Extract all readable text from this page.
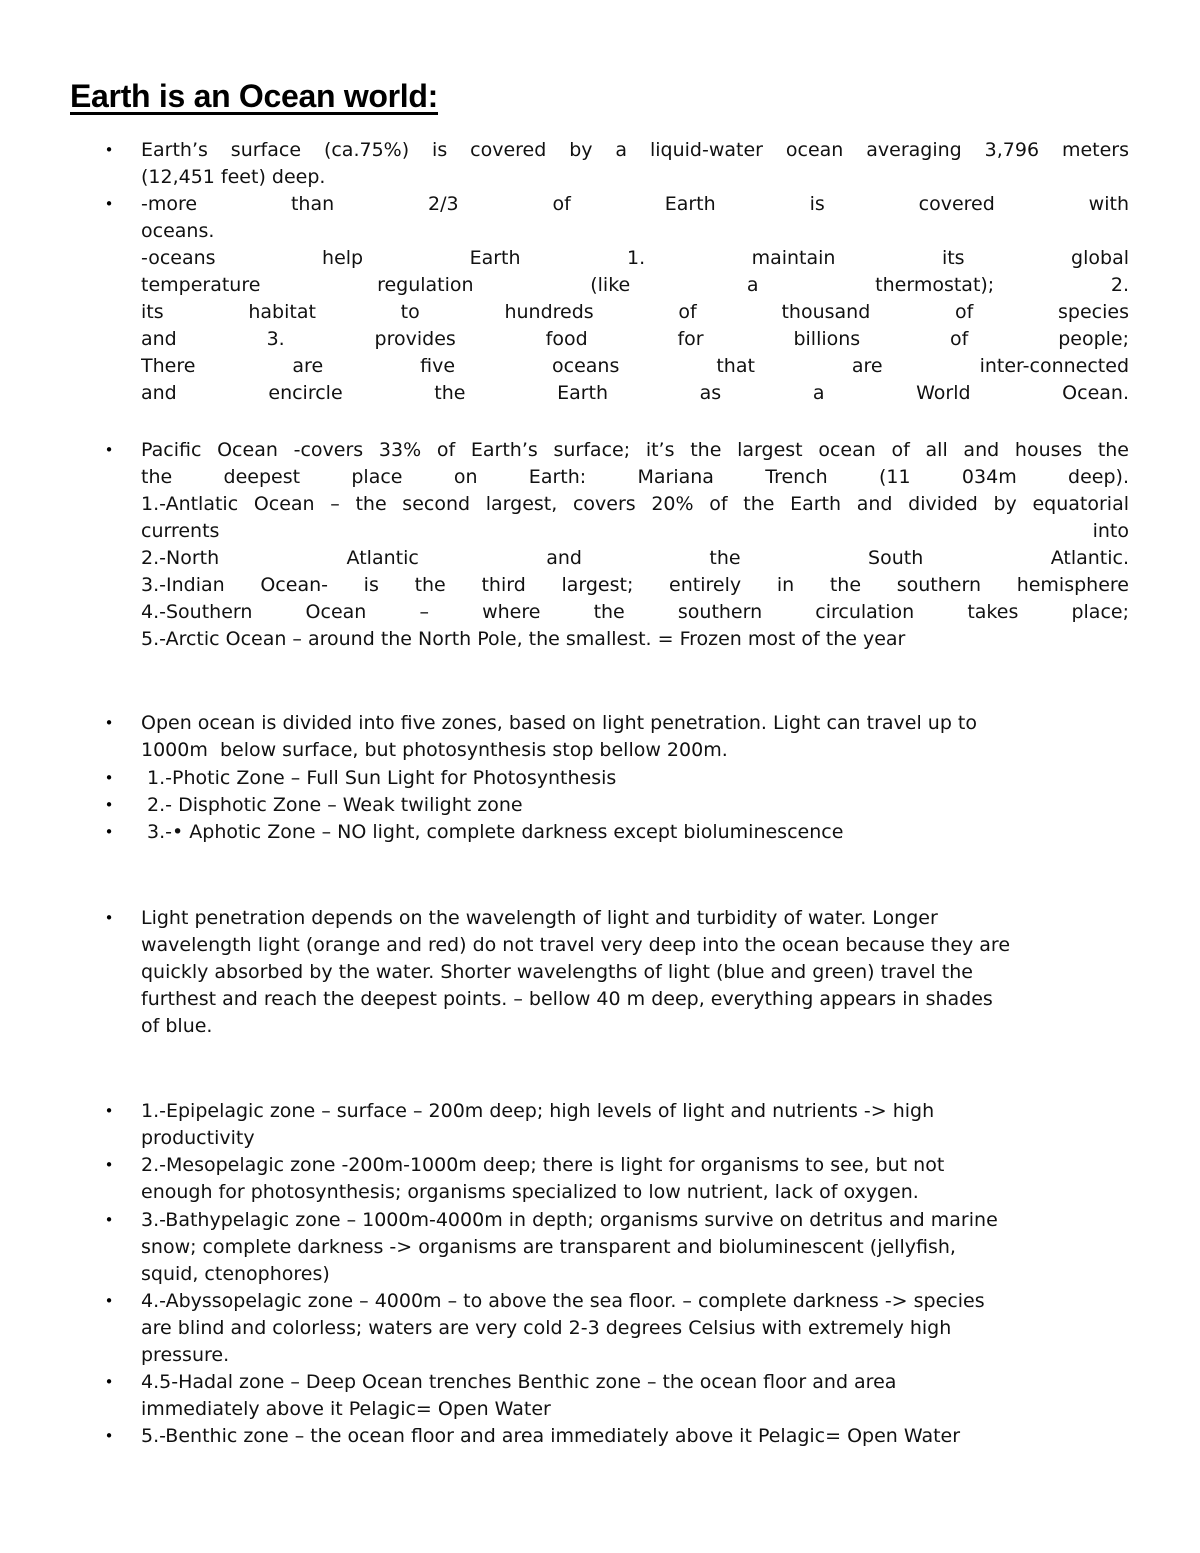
Earth is an Ocean world:
• Earth’s surface (ca.75%) is covered by a liquid-water ocean averaging 3,796 meters
(12,451 feet) deep.
• -more than 2/3 of Earth is covered with
oceans.
-oceans help Earth 1. maintain its global
temperature regulation (like a thermostat); 2.
its habitat to hundreds of thousand of species
and 3. provides food for billions of people;
There are five oceans that are inter-connected
and encircle the Earth as a World Ocean.
• Pacific Ocean -covers 33% of Earth’s surface; it’s the largest ocean of all and houses the
the deepest place on Earth: Mariana Trench (11 034m deep).
1.-Antlatic Ocean – the second largest, covers 20% of the Earth and divided by equatorial
currents into
2.-North Atlantic and the South Atlantic.
3.-Indian Ocean- is the third largest; entirely in the southern hemisphere
4.-Southern Ocean – where the southern circulation takes place;
5.-Arctic Ocean – around the North Pole, the smallest. = Frozen most of the year
• Open ocean is divided into five zones, based on light penetration. Light can travel up to
1000m  below surface, but photosynthesis stop bellow 200m.
• 1.-Photic Zone – Full Sun Light for Photosynthesis
• 2.- Disphotic Zone – Weak twilight zone
• 3.-• Aphotic Zone – NO light, complete darkness except bioluminescence
• Light penetration depends on the wavelength of light and turbidity of water. Longer
wavelength light (orange and red) do not travel very deep into the ocean because they are
quickly absorbed by the water. Shorter wavelengths of light (blue and green) travel the
furthest and reach the deepest points. – bellow 40 m deep, everything appears in shades
of blue.
• 1.-Epipelagic zone – surface – 200m deep; high levels of light and nutrients -> high
productivity
• 2.-Mesopelagic zone -200m-1000m deep; there is light for organisms to see, but not
enough for photosynthesis; organisms specialized to low nutrient, lack of oxygen.
• 3.-Bathypelagic zone – 1000m-4000m in depth; organisms survive on detritus and marine
snow; complete darkness -> organisms are transparent and bioluminescent (jellyfish,
squid, ctenophores)
• 4.-Abyssopelagic zone – 4000m – to above the sea floor. – complete darkness -> species
are blind and colorless; waters are very cold 2-3 degrees Celsius with extremely high
pressure.
• 4.5-Hadal zone – Deep Ocean trenches Benthic zone – the ocean floor and area
immediately above it Pelagic= Open Water
• 5.-Benthic zone – the ocean floor and area immediately above it Pelagic= Open Water
